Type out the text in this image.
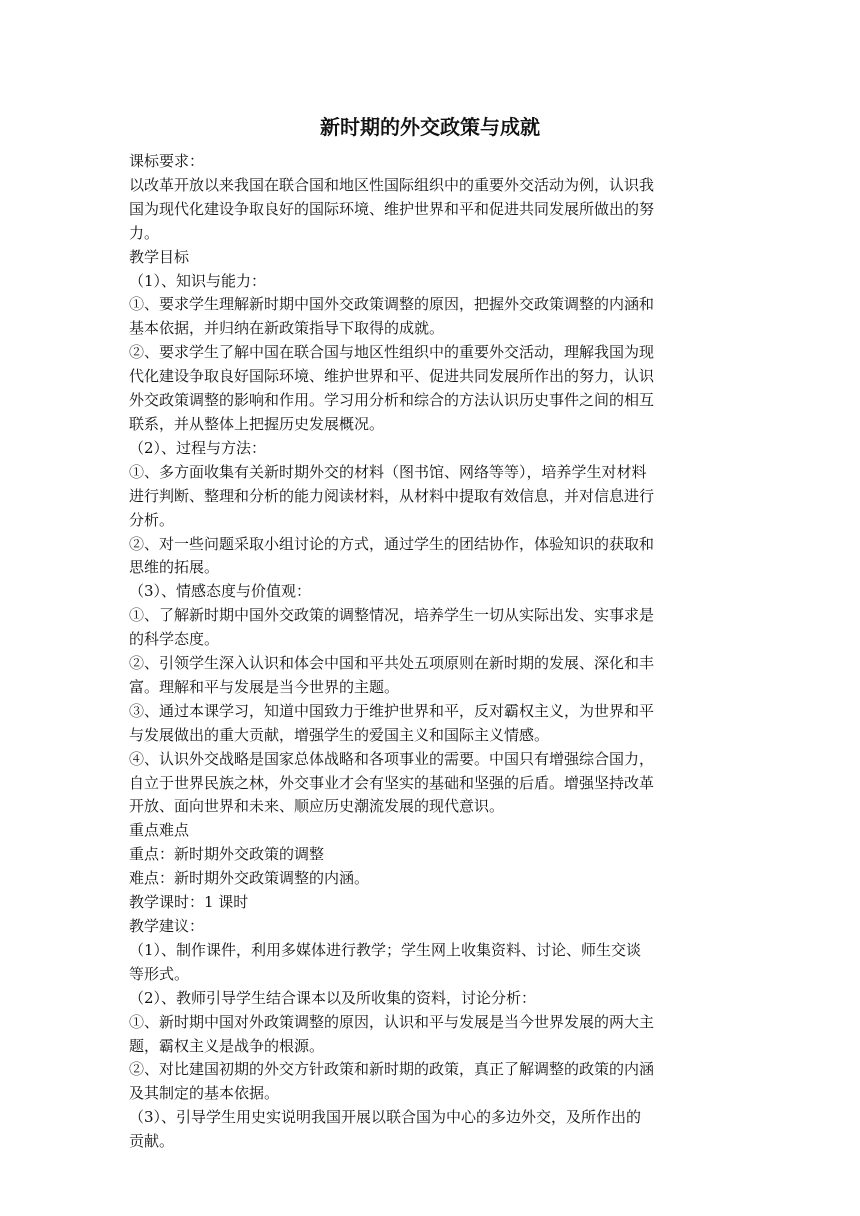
新时期的外交政策与成就

课标要求：

以改革开放以来我国在联合国和地区性国际组织中的重要外交活动为例，认识我

国为现代化建设争取良好的国际环境、维护世界和平和促进共同发展所做出的努

力。

教学目标

（1）、知识与能力：

①、要求学生理解新时期中国外交政策调整的原因，把握外交政策调整的内涵和

基本依据，并归纳在新政策指导下取得的成就。

②、要求学生了解中国在联合国与地区性组织中的重要外交活动，理解我国为现

代化建设争取良好国际环境、维护世界和平、促进共同发展所作出的努力，认识

外交政策调整的影响和作用。学习用分析和综合的方法认识历史事件之间的相互

联系，并从整体上把握历史发展概况。

（2）、过程与方法：

①、多方面收集有关新时期外交的材料（图书馆、网络等等），培养学生对材料

进行判断、整理和分析的能力阅读材料，从材料中提取有效信息，并对信息进行

分析。

②、对一些问题采取小组讨论的方式，通过学生的团结协作，体验知识的获取和

思维的拓展。

（3）、情感态度与价值观：

①、了解新时期中国外交政策的调整情况，培养学生一切从实际出发、实事求是

的科学态度。

②、引领学生深入认识和体会中国和平共处五项原则在新时期的发展、深化和丰

富。理解和平与发展是当今世界的主题。

③、通过本课学习，知道中国致力于维护世界和平，反对霸权主义，为世界和平

与发展做出的重大贡献，增强学生的爱国主义和国际主义情感。

④、认识外交战略是国家总体战略和各项事业的需要。中国只有增强综合国力，

自立于世界民族之林，外交事业才会有坚实的基础和坚强的后盾。增强坚持改革

开放、面向世界和未来、顺应历史潮流发展的现代意识。

重点难点

重点：新时期外交政策的调整

难点：新时期外交政策调整的内涵。

教学课时：1 课时

教学建议：

（1）、制作课件，利用多媒体进行教学；学生网上收集资料、讨论、师生交谈

等形式。

（2）、教师引导学生结合课本以及所收集的资料，讨论分析：

①、新时期中国对外政策调整的原因，认识和平与发展是当今世界发展的两大主

题，霸权主义是战争的根源。

②、对比建国初期的外交方针政策和新时期的政策，真正了解调整的政策的内涵

及其制定的基本依据。

（3）、引导学生用史实说明我国开展以联合国为中心的多边外交，及所作出的

贡献。
